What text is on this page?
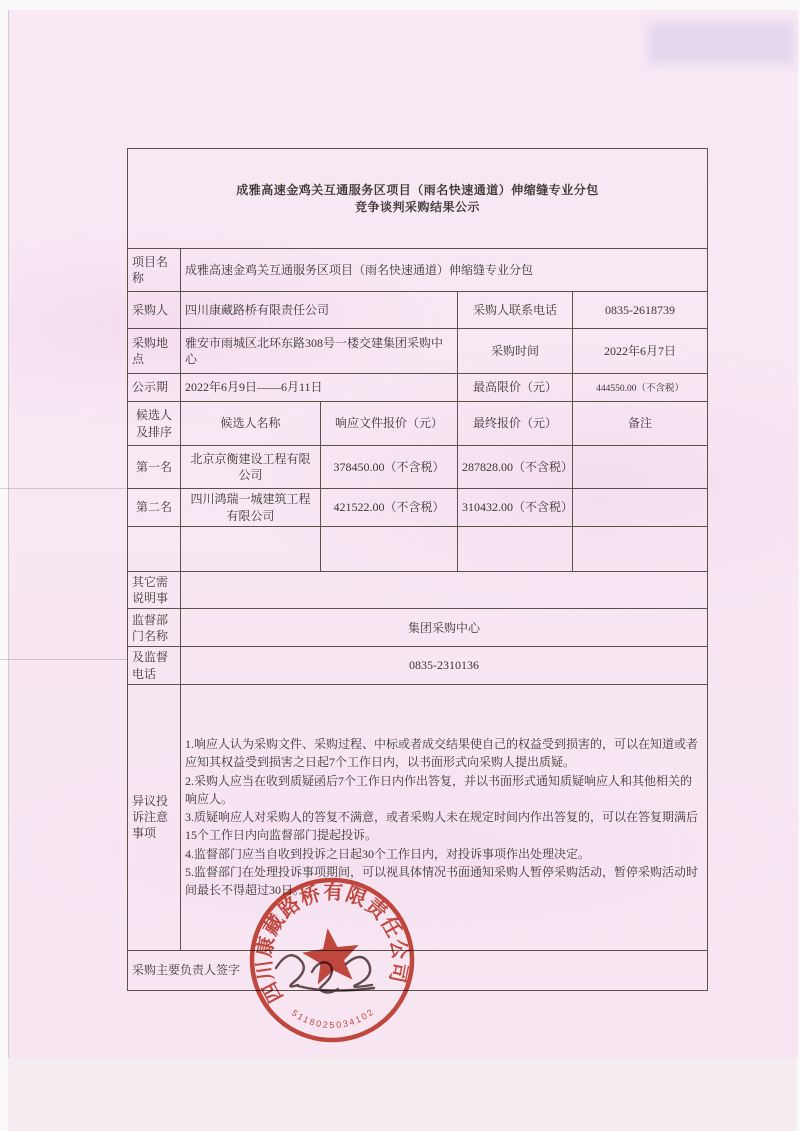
成雅高速金鸡关互通服务区项目（雨名快速通道）伸缩缝专业分包
竞争谈判采购结果公示				

项目名称	成雅高速金鸡关互通服务区项目（雨名快速通道）伸缩缝专业分包			
采购人	四川康藏路桥有限责任公司		采购人联系电话	0835-2618739
采购地点	雅安市雨城区北环东路308号一楼交建集团采购中心		采购时间	2022年6月7日
公示期	2022年6月9日——6月11日		最高限价（元）	444550.00（不含税）
候选人及排序	候选人名称	响应文件报价（元）	最终报价（元）	备注
第一名	北京京衡建设工程有限公司	378450.00（不含税）	287828.00（不含税）	
第二名	四川鸿瑞一城建筑工程有限公司	421522.00（不含税）	310432.00（不含税）	

其它需说明事				
监督部门名称	集团采购中心			
及监督电话	0835-2310136			
异议投诉注意事项	1.响应人认为采购文件、采购过程、中标或者成交结果使自己的权益受到损害的，可以在知道或者应知其权益受到损害之日起7个工作日内，以书面形式向采购人提出质疑。

2.采购人应当在收到质疑函后7个工作日内作出答复，并以书面形式通知质疑响应人和其他相关的响应人。

3.质疑响应人对采购人的答复不满意，或者采购人未在规定时间内作出答复的，可以在答复期满后15个工作日内向监督部门提起投诉。

4.监督部门应当自收到投诉之日起30个工作日内，对投诉事项作出处理决定。

5.监督部门在处理投诉事项期间，可以视具体情况书面通知采购人暂停采购活动，暂停采购活动时间最长不得超过30日。			

采购主要负责人签字				
四川康藏路桥有限责任公司
5118025034102
